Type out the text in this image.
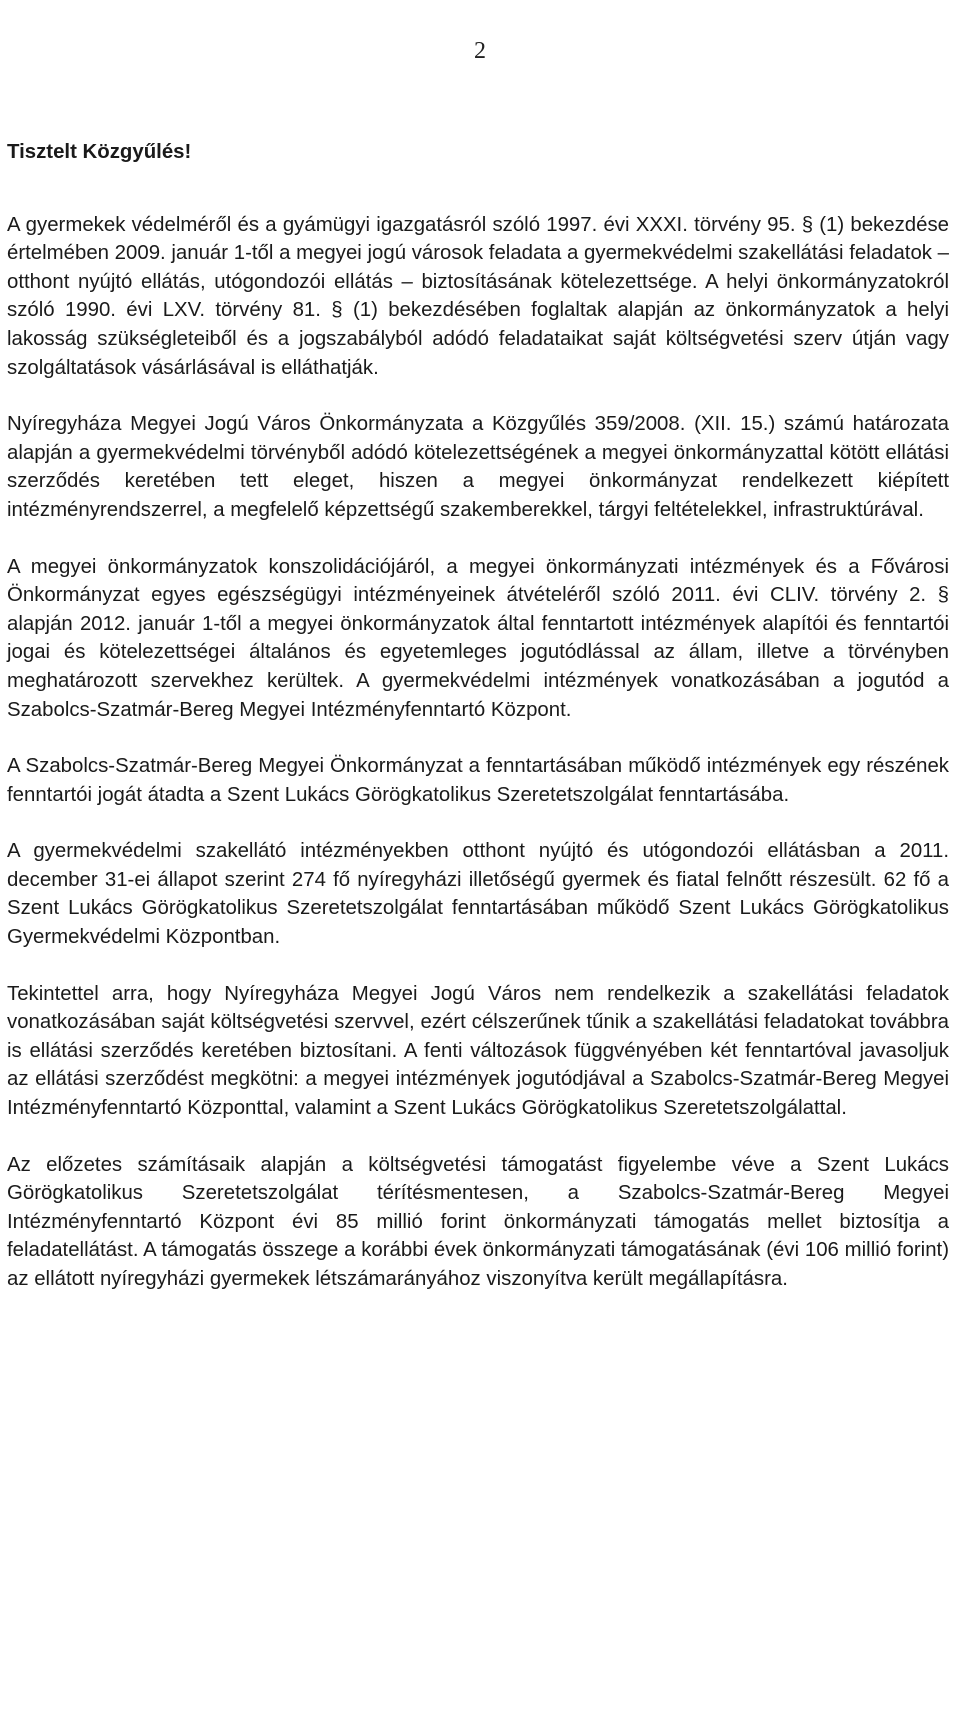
2

Tisztelt Közgyűlés!

A gyermekek védelméről és a gyámügyi igazgatásról szóló 1997. évi XXXI. törvény 95. § (1) bekezdése értelmében 2009. január 1-től a megyei jogú városok feladata a gyermekvédelmi szakellátási feladatok – otthont nyújtó ellátás, utógondozói ellátás – biztosításának kötelezettsége. A helyi önkormányzatokról szóló 1990. évi LXV. törvény 81. § (1) bekezdésében foglaltak alapján az önkormányzatok a helyi lakosság szükségleteiből és a jogszabályból adódó feladataikat saját költségvetési szerv útján vagy szolgáltatások vásárlásával is elláthatják.

Nyíregyháza Megyei Jogú Város Önkormányzata a Közgyűlés 359/2008. (XII. 15.) számú határozata alapján a gyermekvédelmi törvényből adódó kötelezettségének a megyei önkormányzattal kötött ellátási szerződés keretében tett eleget, hiszen a megyei önkormányzat rendelkezett kiépített intézményrendszerrel, a megfelelő képzettségű szakemberekkel, tárgyi feltételekkel, infrastruktúrával.

A megyei önkormányzatok konszolidációjáról, a megyei önkormányzati intézmények és a Fővárosi Önkormányzat egyes egészségügyi intézményeinek átvételéről szóló 2011. évi CLIV. törvény 2. § alapján 2012. január 1-től a megyei önkormányzatok által fenntartott intézmények alapítói és fenntartói jogai és kötelezettségei általános és egyetemleges jogutódlással az állam, illetve a törvényben meghatározott szervekhez kerültek. A gyermekvédelmi intézmények vonatkozásában a jogutód a Szabolcs-Szatmár-Bereg Megyei Intézményfenntartó Központ.

A Szabolcs-Szatmár-Bereg Megyei Önkormányzat a fenntartásában működő intézmények egy részének fenntartói jogát átadta a Szent Lukács Görögkatolikus Szeretetszolgálat fenntartásába.

A gyermekvédelmi szakellátó intézményekben otthont nyújtó és utógondozói ellátásban a 2011. december 31-ei állapot szerint 274 fő nyíregyházi illetőségű gyermek és fiatal felnőtt részesült. 62 fő a Szent Lukács Görögkatolikus Szeretetszolgálat fenntartásában működő Szent Lukács Görögkatolikus Gyermekvédelmi Központban.

Tekintettel arra, hogy Nyíregyháza Megyei Jogú Város nem rendelkezik a szakellátási feladatok vonatkozásában saját költségvetési szervvel, ezért célszerűnek tűnik a szakellátási feladatokat továbbra is ellátási szerződés keretében biztosítani. A fenti változások függvényében két fenntartóval javasoljuk az ellátási szerződést megkötni: a megyei intézmények jogutódjával a Szabolcs-Szatmár-Bereg Megyei Intézményfenntartó Központtal, valamint a Szent Lukács Görögkatolikus Szeretetszolgálattal.

Az előzetes számításaik alapján a költségvetési támogatást figyelembe véve a Szent Lukács Görögkatolikus Szeretetszolgálat térítésmentesen, a Szabolcs-Szatmár-Bereg Megyei Intézményfenntartó Központ évi 85 millió forint önkormányzati támogatás mellet biztosítja a feladatellátást. A támogatás összege a korábbi évek önkormányzati támogatásának (évi 106 millió forint) az ellátott nyíregyházi gyermekek létszámarányához viszonyítva került megállapításra.
